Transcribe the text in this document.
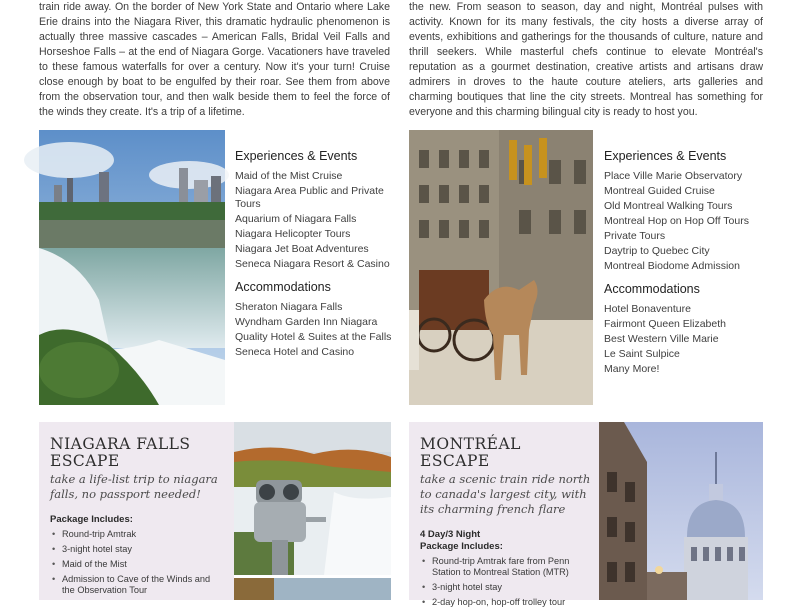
train ride away. On the border of New York State and Ontario where Lake Erie drains into the Niagara River, this dramatic hydraulic phenomenon is actually three massive cascades – American Falls, Bridal Veil Falls and Horseshoe Falls – at the end of Niagara Gorge. Vacationers have traveled to these famous waterfalls for over a century. Now it's your turn! Cruise close enough by boat to be engulfed by their roar. See them from above from the observation tour, and then walk beside them to feel the force of the winds they create. It's a trip of a lifetime.

the new. From season to season, day and night, Montréal pulses with activity. Known for its many festivals, the city hosts a diverse array of events, exhibitions and gatherings for the thousands of culture, nature and thrill seekers. While masterful chefs continue to elevate Montréal's reputation as a gourmet destination, creative artists and artisans draw admirers in droves to the haute couture ateliers, arts galleries and charming boutiques that line the city streets. Montreal has something for everyone and this charming bilingual city is ready to host you.

Experiences & Events
Maid of the Mist Cruise
Niagara Area Public and Private Tours
Aquarium of Niagara Falls
Niagara Helicopter Tours
Niagara Jet Boat Adventures
Seneca Niagara Resort & Casino
Accommodations
Sheraton Niagara Falls
Wyndham Garden Inn Niagara
Quality Hotel & Suites at the Falls
Seneca Hotel and Casino
Experiences & Events
Place Ville Marie Observatory
Montreal Guided Cruise
Old Montreal Walking Tours
Montreal Hop on Hop Off Tours
Private Tours
Daytrip to Quebec City
Montreal Biodome Admission
Accommodations
Hotel Bonaventure
Fairmont Queen Elizabeth
Best Western Ville Marie
Le Saint Sulpice
Many More!
NIAGARA FALLS
ESCAPE
take a life-list trip to niagara
falls, no passport needed!
Package Includes:
• Round-trip Amtrak
• 3-night hotel stay
• Maid of the Mist
• Admission to Cave of the Winds and the Observation Tour
MONTRÉAL ESCAPE
take a scenic train ride north
to canada's largest city, with
its charming french flare
4 Day/3 Night
Package Includes:
• Round-trip Amtrak fare from Penn Station to Montreal Station (MTR)
• 3-night hotel stay
• 2-day hop-on, hop-off trolley tour
